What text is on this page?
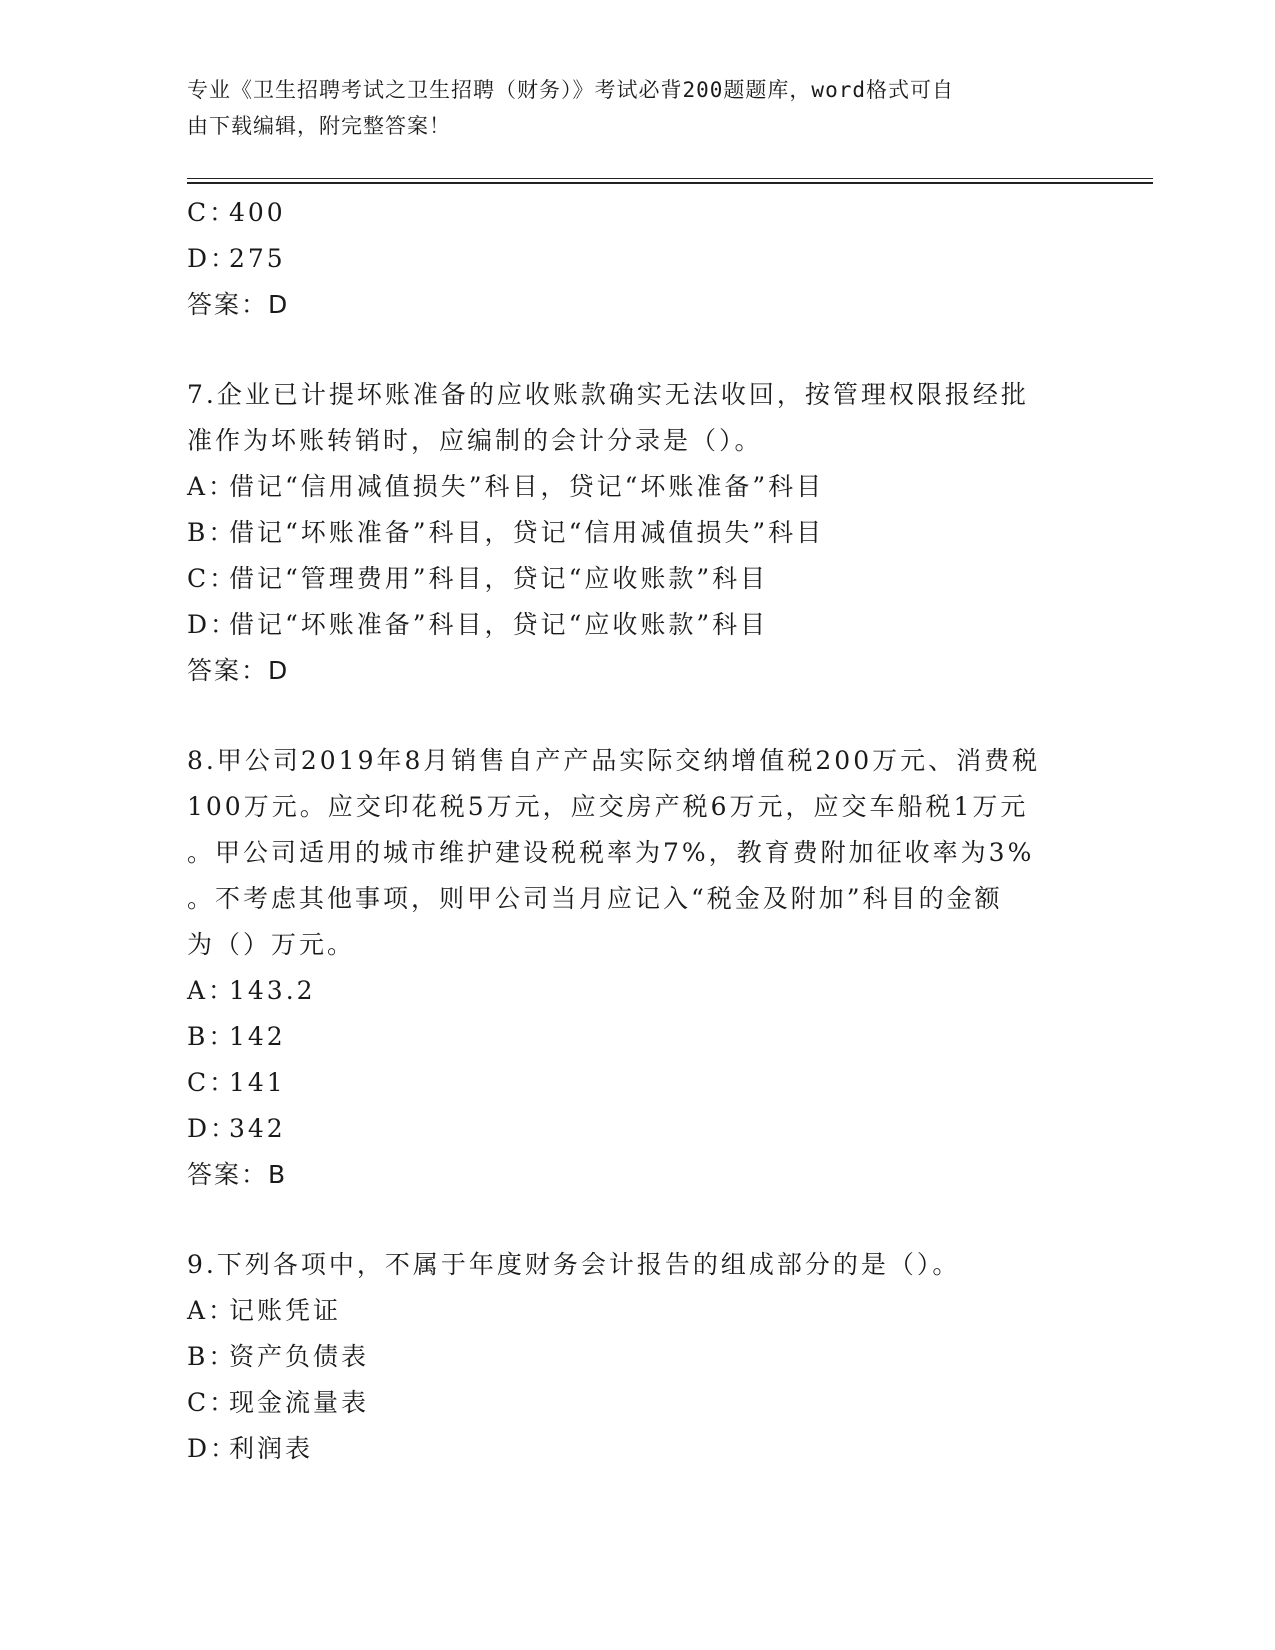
专业《卫生招聘考试之卫生招聘（财务）》考试必背200题题库，word格式可自
由下载编辑，附完整答案！
C：400
D：275
答案：D
7.企业已计提坏账准备的应收账款确实无法收回，按管理权限报经批
准作为坏账转销时，应编制的会计分录是（）。
A：借记“信用减值损失”科目，贷记“坏账准备”科目
B：借记“坏账准备”科目，贷记“信用减值损失”科目
C：借记“管理费用”科目，贷记“应收账款”科目
D：借记“坏账准备”科目，贷记“应收账款”科目
答案：D
8.甲公司2019年8月销售自产产品实际交纳增值税200万元、消费税
100万元。应交印花税5万元，应交房产税6万元，应交车船税1万元
。甲公司适用的城市维护建设税税率为7%，教育费附加征收率为3%
。不考虑其他事项，则甲公司当月应记入“税金及附加”科目的金额
为（）万元。
A：143.2
B：142
C：141
D：342
答案：B
9.下列各项中，不属于年度财务会计报告的组成部分的是（）。
A：记账凭证
B：资产负债表
C：现金流量表
D：利润表
